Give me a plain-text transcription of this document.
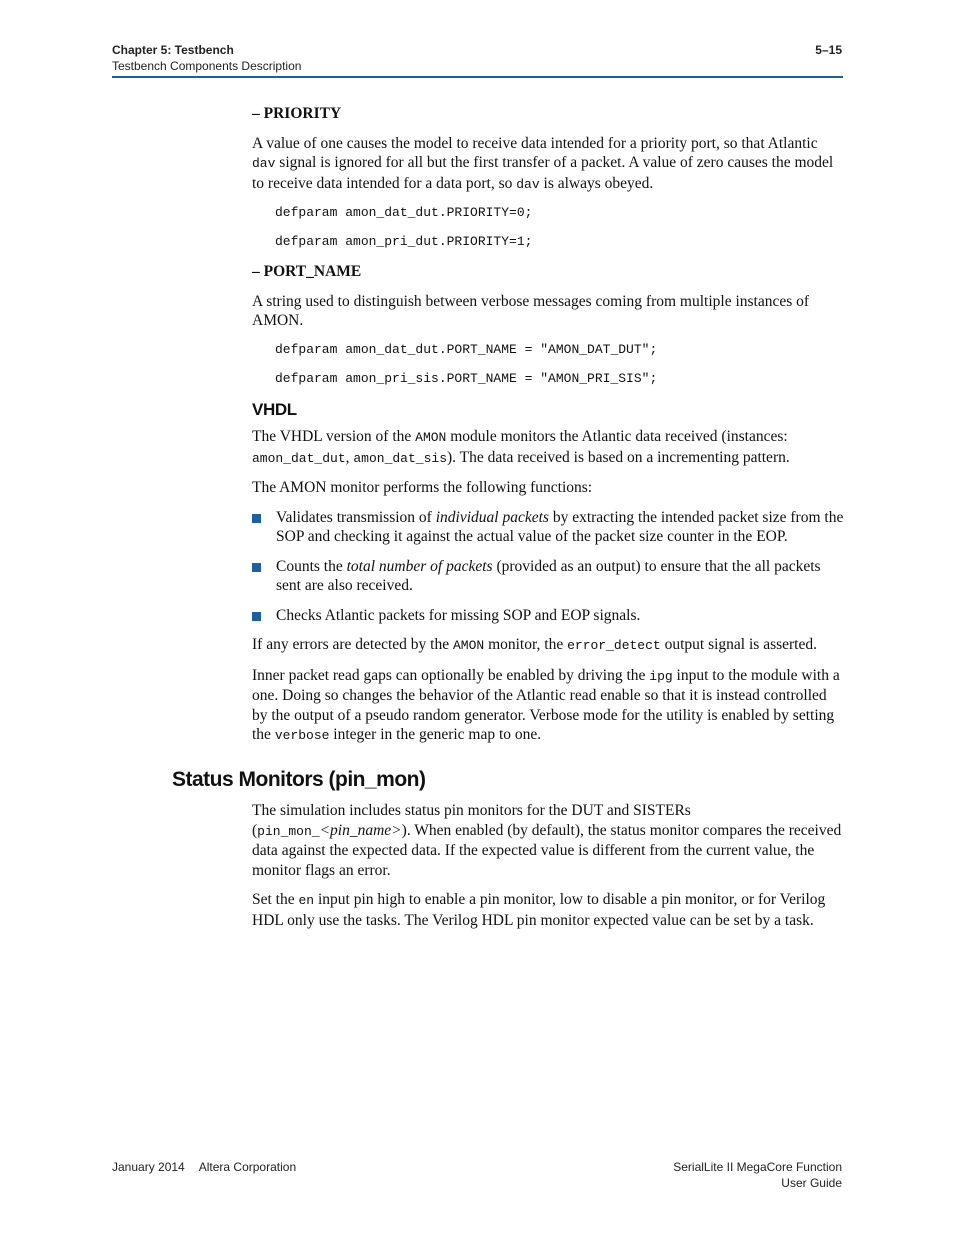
Chapter 5: Testbench
Testbench Components Description
5–15
– PRIORITY

A value of one causes the model to receive data intended for a priority port, so that Atlantic dav signal is ignored for all but the first transfer of a packet. A value of zero causes the model to receive data intended for a data port, so dav is always obeyed.

defparam amon_dat_dut.PRIORITY=0;
defparam amon_pri_dut.PRIORITY=1;
– PORT_NAME

A string used to distinguish between verbose messages coming from multiple instances of AMON.

defparam amon_dat_dut.PORT_NAME = "AMON_DAT_DUT";
defparam amon_pri_sis.PORT_NAME = "AMON_PRI_SIS";
VHDL

The VHDL version of the AMON module monitors the Atlantic data received (instances: amon_dat_dut, amon_dat_sis). The data received is based on a incrementing pattern.

The AMON monitor performs the following functions:

Validates transmission of individual packets by extracting the intended packet size from the SOP and checking it against the actual value of the packet size counter in the EOP.
Counts the total number of packets (provided as an output) to ensure that the all packets sent are also received.
Checks Atlantic packets for missing SOP and EOP signals.

If any errors are detected by the AMON monitor, the error_detect output signal is asserted.

Inner packet read gaps can optionally be enabled by driving the ipg input to the module with a one. Doing so changes the behavior of the Atlantic read enable so that it is instead controlled by the output of a pseudo random generator. Verbose mode for the utility is enabled by setting the verbose integer in the generic map to one.

Status Monitors (pin_mon)

The simulation includes status pin monitors for the DUT and SISTERs (pin_mon_<pin_name>). When enabled (by default), the status monitor compares the received data against the expected data. If the expected value is different from the current value, the monitor flags an error.

Set the en input pin high to enable a pin monitor, low to disable a pin monitor, or for Verilog HDL only use the tasks. The Verilog HDL pin monitor expected value can be set by a task.

January 2014 Altera Corporation	SerialLite II MegaCore Function
User Guide
